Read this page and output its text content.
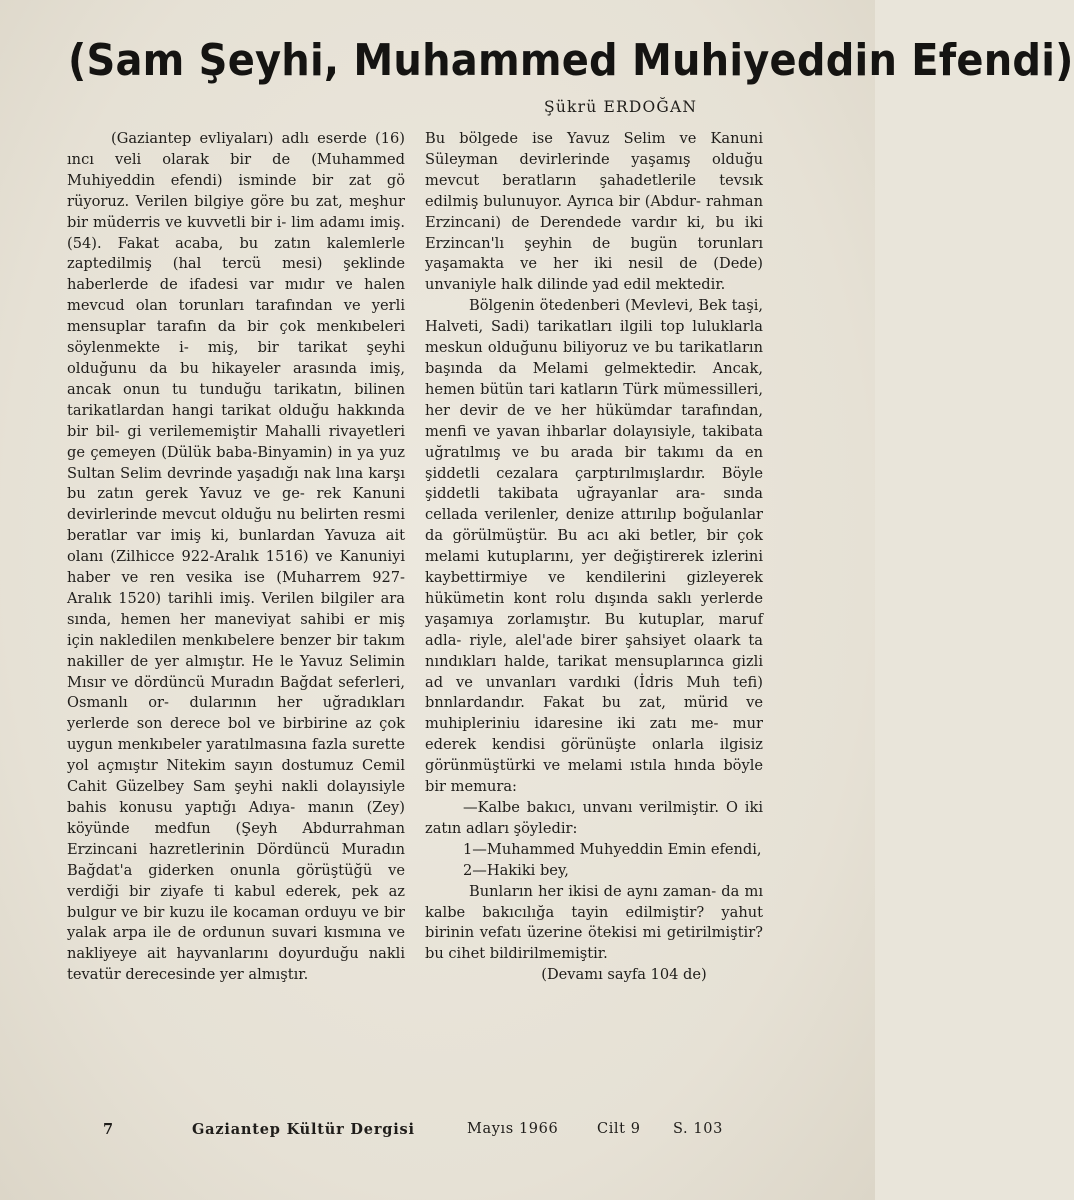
(Sam Şeyhi, Muhammed Muhiyeddin Efendi)
Şükrü ERDOĞAN

(Gaziantep evliyaları) adlı eserde (16) ıncı veli olarak bir de (Muhammed Muhiyeddin efendi) isminde bir zat gö rüyoruz. Verilen bilgiye göre bu zat, meşhur bir müderris ve kuvvetli bir i- lim adamı imiş. (54). Fakat acaba, bu zatın kalemlerle zaptedilmiş (hal tercü mesi) şeklinde haberlerde de ifadesi var mıdır ve halen mevcud olan torunları tarafından ve yerli mensuplar tarafın da bir çok menkıbeleri söylenmekte i- miş, bir tarikat şeyhi olduğunu da bu hikayeler arasında imiş, ancak onun tu tunduğu tarikatın, bilinen tarikatlardan hangi tarikat olduğu hakkında bir bil- gi verilememiştir Mahalli rivayetleri ge çemeyen (Dülük baba-Binyamin) in ya yuz Sultan Selim devrinde yaşadığı nak lına karşı bu zatın gerek Yavuz ve ge- rek Kanuni devirlerinde mevcut olduğu nu belirten resmi beratlar var imiş ki, bunlardan Yavuza ait olanı (Zilhicce 922-Aralık 1516) ve Kanuniyi haber ve ren vesika ise (Muharrem 927-Aralık 1520) tarihli imiş. Verilen bilgiler ara sında, hemen her maneviyat sahibi er miş için nakledilen menkıbelere benzer bir takım nakiller de yer almıştır. He le Yavuz Selimin Mısır ve dördüncü Muradın Bağdat seferleri, Osmanlı or- dularının her uğradıkları yerlerde son derece bol ve birbirine az çok uygun menkıbeler yaratılmasına fazla surette yol açmıştır Nitekim sayın dostumuz Cemil Cahit Güzelbey Sam şeyhi nakli dolayısiyle bahis konusu yaptığı Adıya- manın (Zey) köyünde medfun (Şeyh Abdurrahman Erzincani hazretlerinin Dördüncü Muradın Bağdat'a giderken onunla görüştüğü ve verdiği bir ziyafe ti kabul ederek, pek az bulgur ve bir kuzu ile kocaman orduyu ve bir yalak arpa ile de ordunun suvari kısmına ve nakliyeye ait hayvanlarını doyurduğu nakli tevatür derecesinde yer almıştır.

Bu bölgede ise Yavuz Selim ve Kanuni Süleyman devirlerinde yaşamış olduğu mevcut beratların şahadetlerile tevsık edilmiş bulunuyor. Ayrıca bir (Abdur- rahman Erzincani) de Derendede vardır ki, bu iki Erzincan'lı şeyhin de bugün torunları yaşamakta ve her iki nesil de (Dede) unvaniyle halk dilinde yad edil mektedir.

Bölgenin ötedenberi (Mevlevi, Bek taşi, Halveti, Sadi) tarikatları ilgili top luluklarla meskun olduğunu biliyoruz ve bu tarikatların başında da Melami gelmektedir. Ancak, hemen bütün tari katların Türk mümessilleri, her devir de ve her hükümdar tarafından, menfi ve yavan ihbarlar dolayısiyle, takibata uğratılmış ve bu arada bir takımı da en şiddetli cezalara çarptırılmışlardır. Böyle şiddetli takibata uğrayanlar ara- sında cellada verilenler, denize attırılıp boğulanlar da görülmüştür. Bu acı aki betler, bir çok melami kutuplarını, yer değiştirerek izlerini kaybettirmiye ve kendilerini gizleyerek hükümetin kont rolu dışında saklı yerlerde yaşamıya zorlamıştır. Bu kutuplar, maruf adla- riyle, alel'ade birer şahsiyet olaark ta nındıkları halde, tarikat mensuplarınca gizli ad ve unvanları vardıki (İdris Muh tefi) bnnlardandır. Fakat bu zat, mürid ve muhipleriniu idaresine iki zatı me- mur ederek kendisi görünüşte onlarla ilgisiz görünmüştürki ve melami ıstıla hında böyle bir memura:

—Kalbe bakıcı, unvanı verilmiştir. O iki zatın adları şöyledir:

1—Muhammed Muhyeddin Emin efendi,

2—Hakiki bey,

Bunların her ikisi de aynı zaman- da mı kalbe bakıcılığa tayin edilmiştir? yahut birinin vefatı üzerine ötekisi mi getirilmiştir? bu cihet bildirilmemiştir.

(Devamı sayfa 104 de)

7	Gaziantep Kültür Dergisi	Mayıs 1966	Cilt 9 S. 103
